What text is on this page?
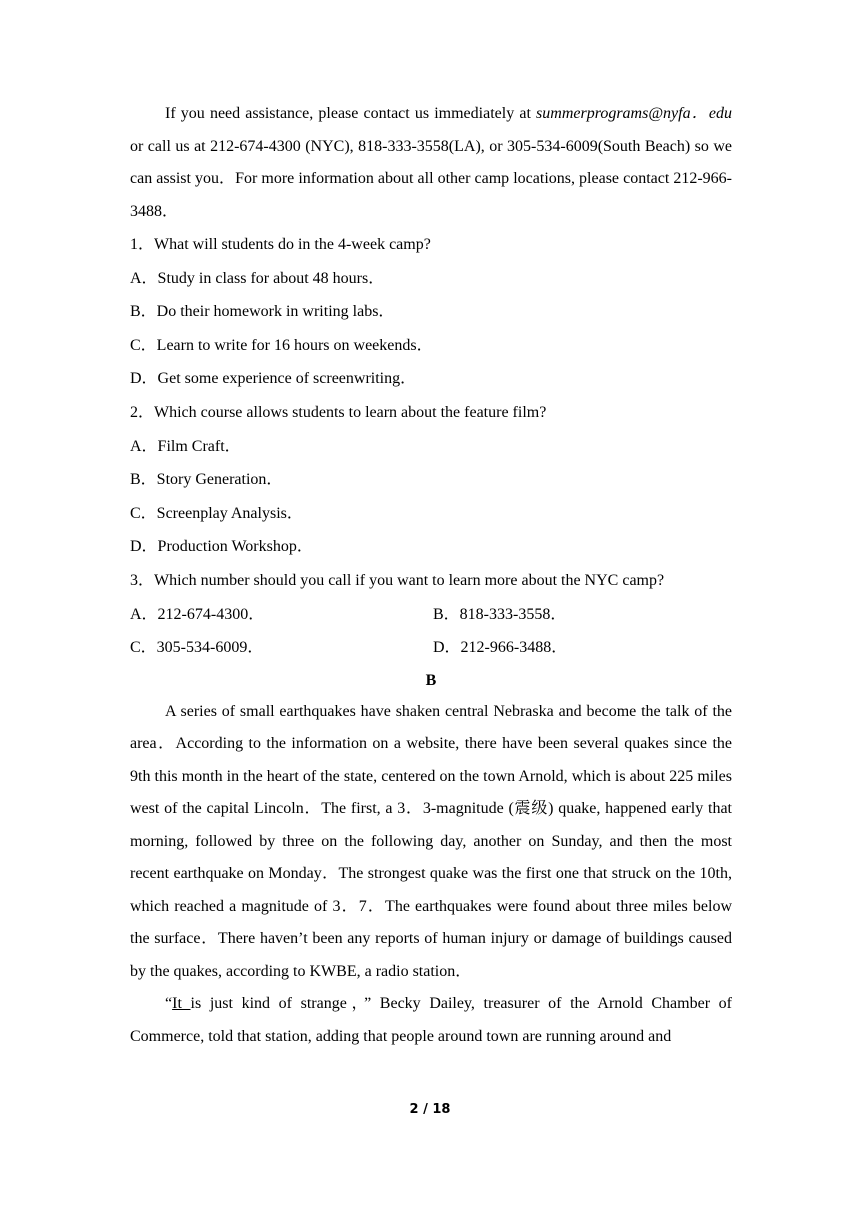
If you need assistance, please contact us immediately at summerprograms@nyfa．edu or call us at 212-674-4300 (NYC), 818-333-3558(LA), or 305-534-6009(South Beach) so we can assist you．For more information about all other camp locations, please contact 212-966-3488．
1．What will students do in the 4-week camp?
A．Study in class for about 48 hours．
B．Do their homework in writing labs．
C．Learn to write for 16 hours on weekends．
D．Get some experience of screenwriting．
2．Which course allows students to learn about the feature film?
A．Film Craft．
B．Story Generation．
C．Screenplay Analysis．
D．Production Workshop．
3．Which number should you call if you want to learn more about the NYC camp?
A．212-674-4300．	B．818-333-3558．
C．305-534-6009．	D．212-966-3488．
B
A series of small earthquakes have shaken central Nebraska and become the talk of the area．According to the information on a website, there have been several quakes since the 9th this month in the heart of the state, centered on the town Arnold, which is about 225 miles west of the capital Lincoln．The first, a 3．3-magnitude (震级) quake, happened early that morning, followed by three on the following day, another on Sunday, and then the most recent earthquake on Monday．The strongest quake was the first one that struck on the 10th, which reached a magnitude of 3．7．The earthquakes were found about three miles below the surface．There haven’t been any reports of human injury or damage of buildings caused by the quakes, according to KWBE, a radio station．
“It is just kind of strange，” Becky Dailey, treasurer of the Arnold Chamber of Commerce, told that station, adding that people around town are running around and
2 / 18
